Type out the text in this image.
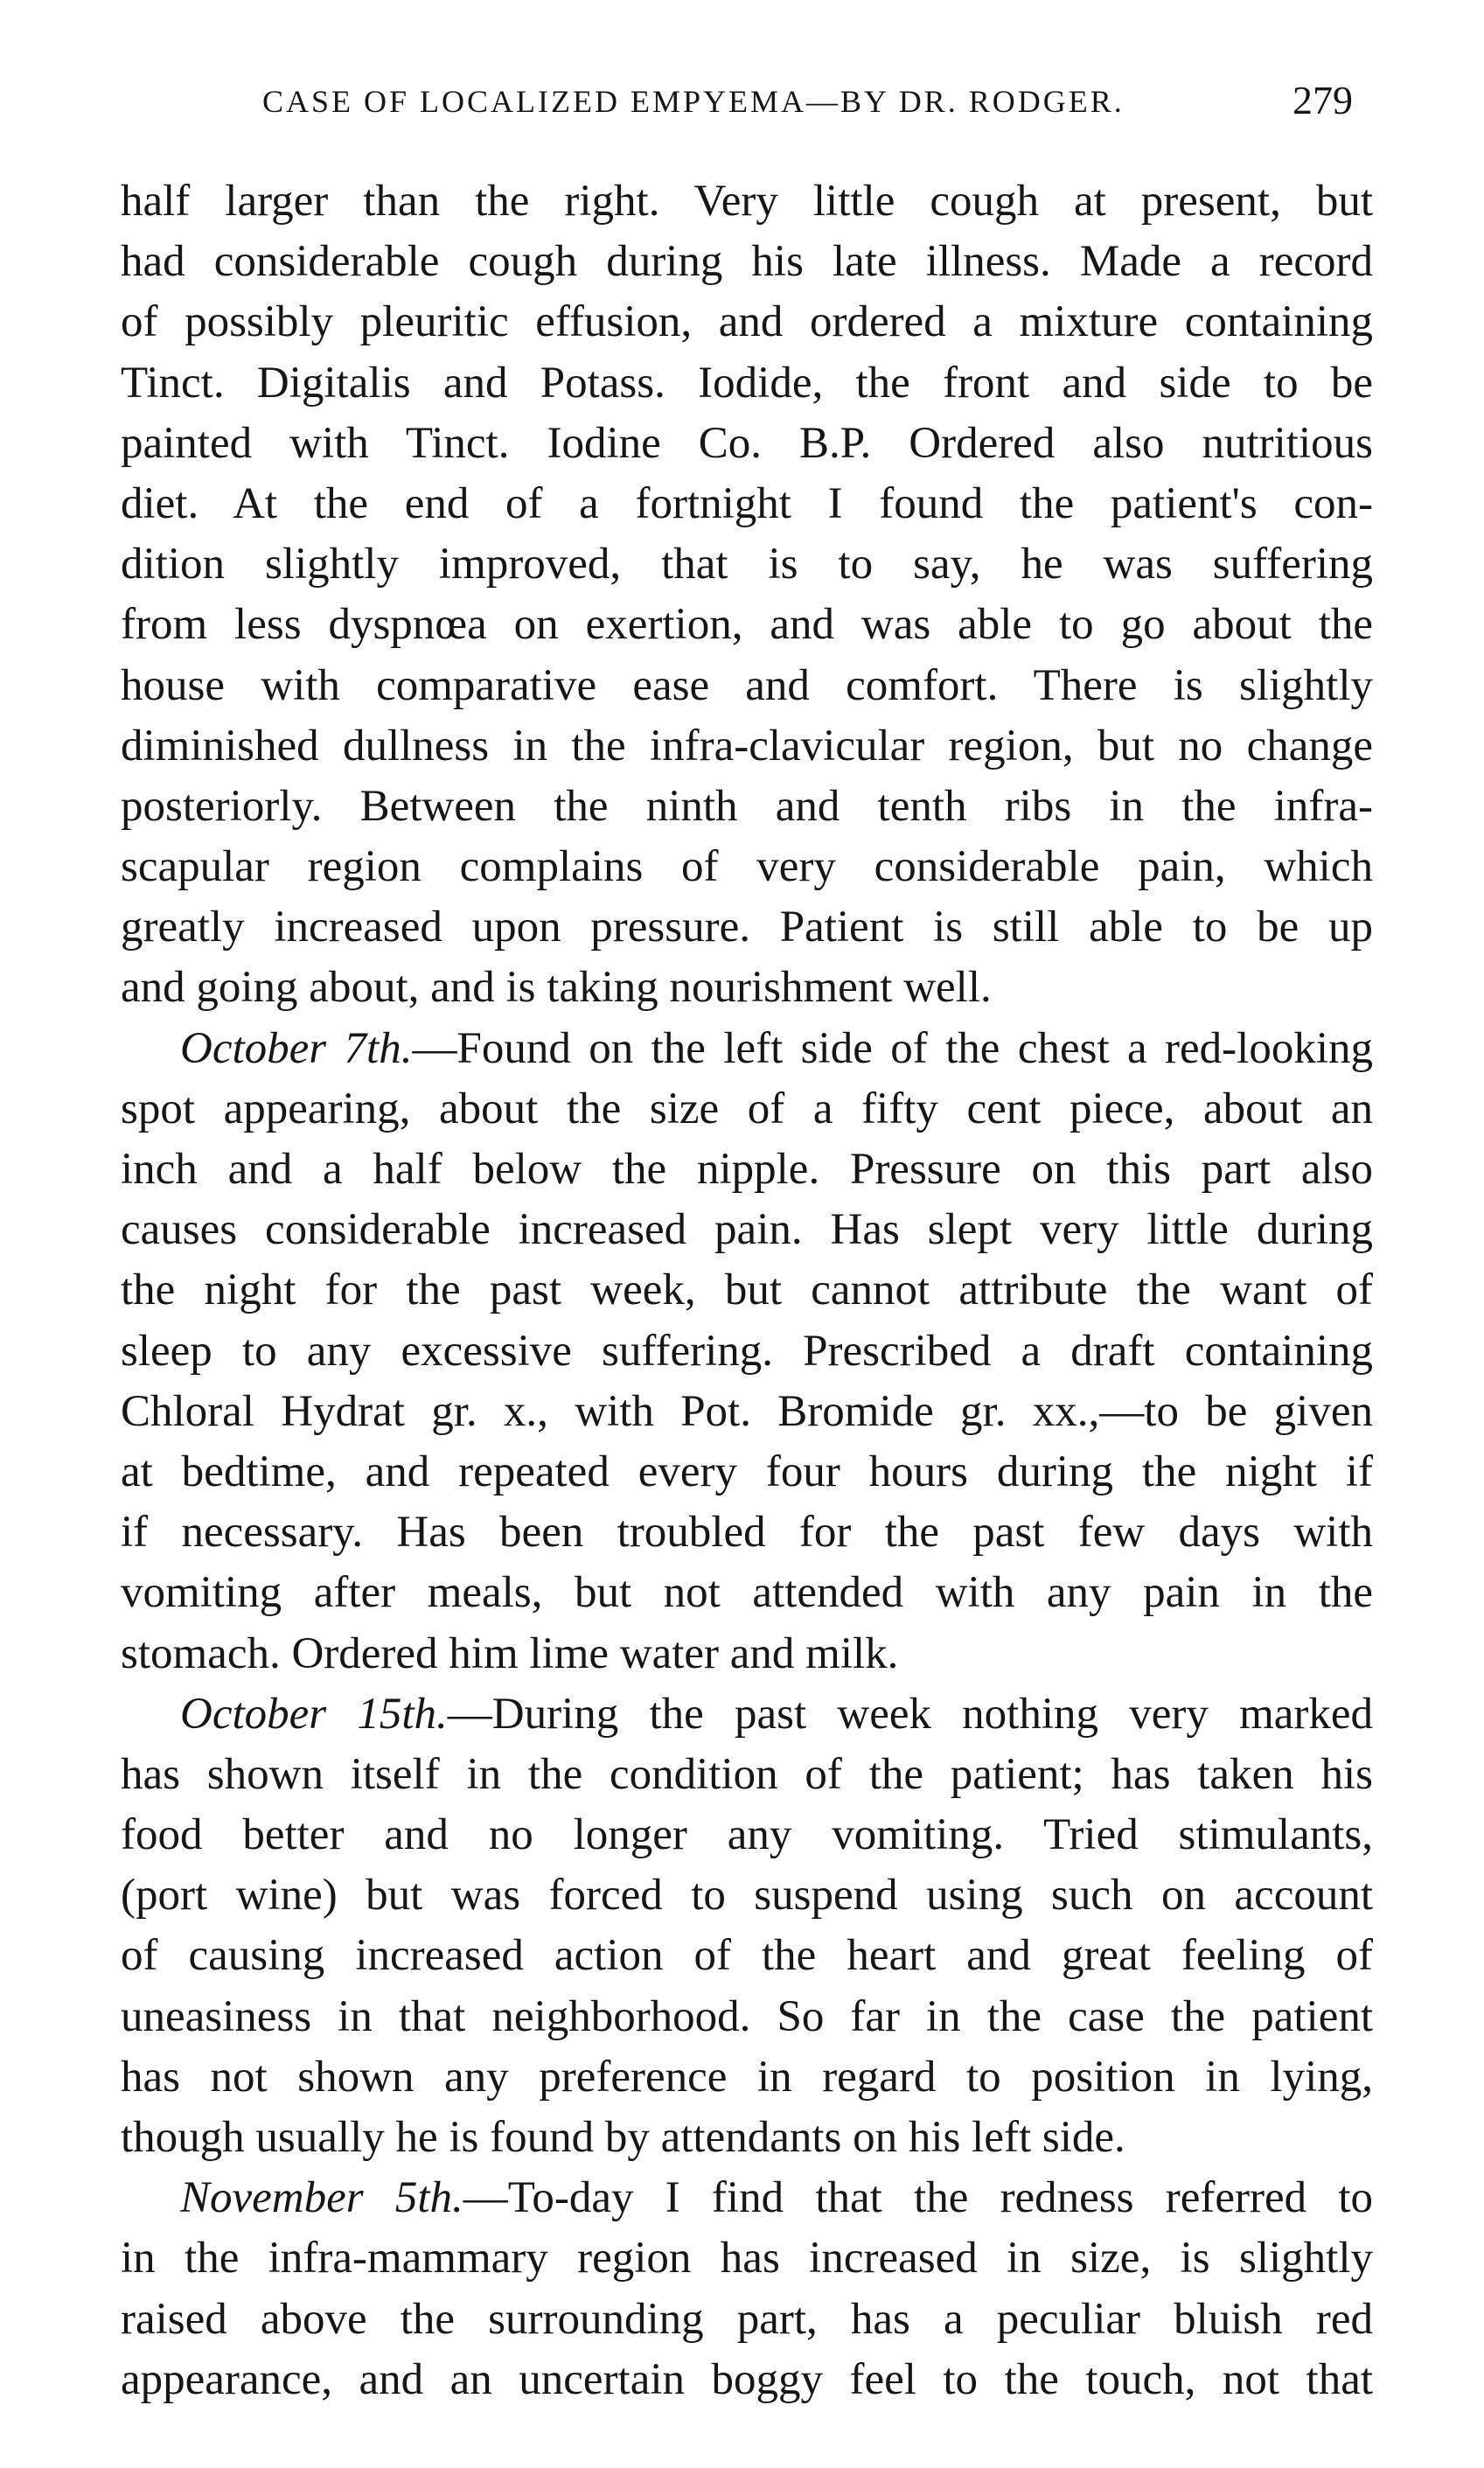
CASE OF LOCALIZED EMPYEMA—BY DR. RODGER.	279
half larger than the right. Very little cough at present, but
had considerable cough during his late illness. Made a record
of possibly pleuritic effusion, and ordered a mixture containing
Tinct. Digitalis and Potass. Iodide, the front and side to be
painted with Tinct. Iodine Co. B.P. Ordered also nutritious
diet. At the end of a fortnight I found the patient's con-
dition slightly improved, that is to say, he was suffering
from less dyspnœa on exertion, and was able to go about the
house with comparative ease and comfort. There is slightly
diminished dullness in the infra-clavicular region, but no change
posteriorly. Between the ninth and tenth ribs in the infra-
scapular region complains of very considerable pain, which
greatly increased upon pressure. Patient is still able to be up
and going about, and is taking nourishment well.
October 7th.—Found on the left side of the chest a red-looking
spot appearing, about the size of a fifty cent piece, about an
inch and a half below the nipple. Pressure on this part also
causes considerable increased pain. Has slept very little during
the night for the past week, but cannot attribute the want of
sleep to any excessive suffering. Prescribed a draft containing
Chloral Hydrat gr. x., with Pot. Bromide gr. xx.,—to be given
at bedtime, and repeated every four hours during the night if
if necessary. Has been troubled for the past few days with
vomiting after meals, but not attended with any pain in the
stomach. Ordered him lime water and milk.
October 15th.—During the past week nothing very marked
has shown itself in the condition of the patient; has taken his
food better and no longer any vomiting. Tried stimulants,
(port wine) but was forced to suspend using such on account
of causing increased action of the heart and great feeling of
uneasiness in that neighborhood. So far in the case the patient
has not shown any preference in regard to position in lying,
though usually he is found by attendants on his left side.
November 5th.—To-day I find that the redness referred to
in the infra-mammary region has increased in size, is slightly
raised above the surrounding part, has a peculiar bluish red
appearance, and an uncertain boggy feel to the touch, not that
